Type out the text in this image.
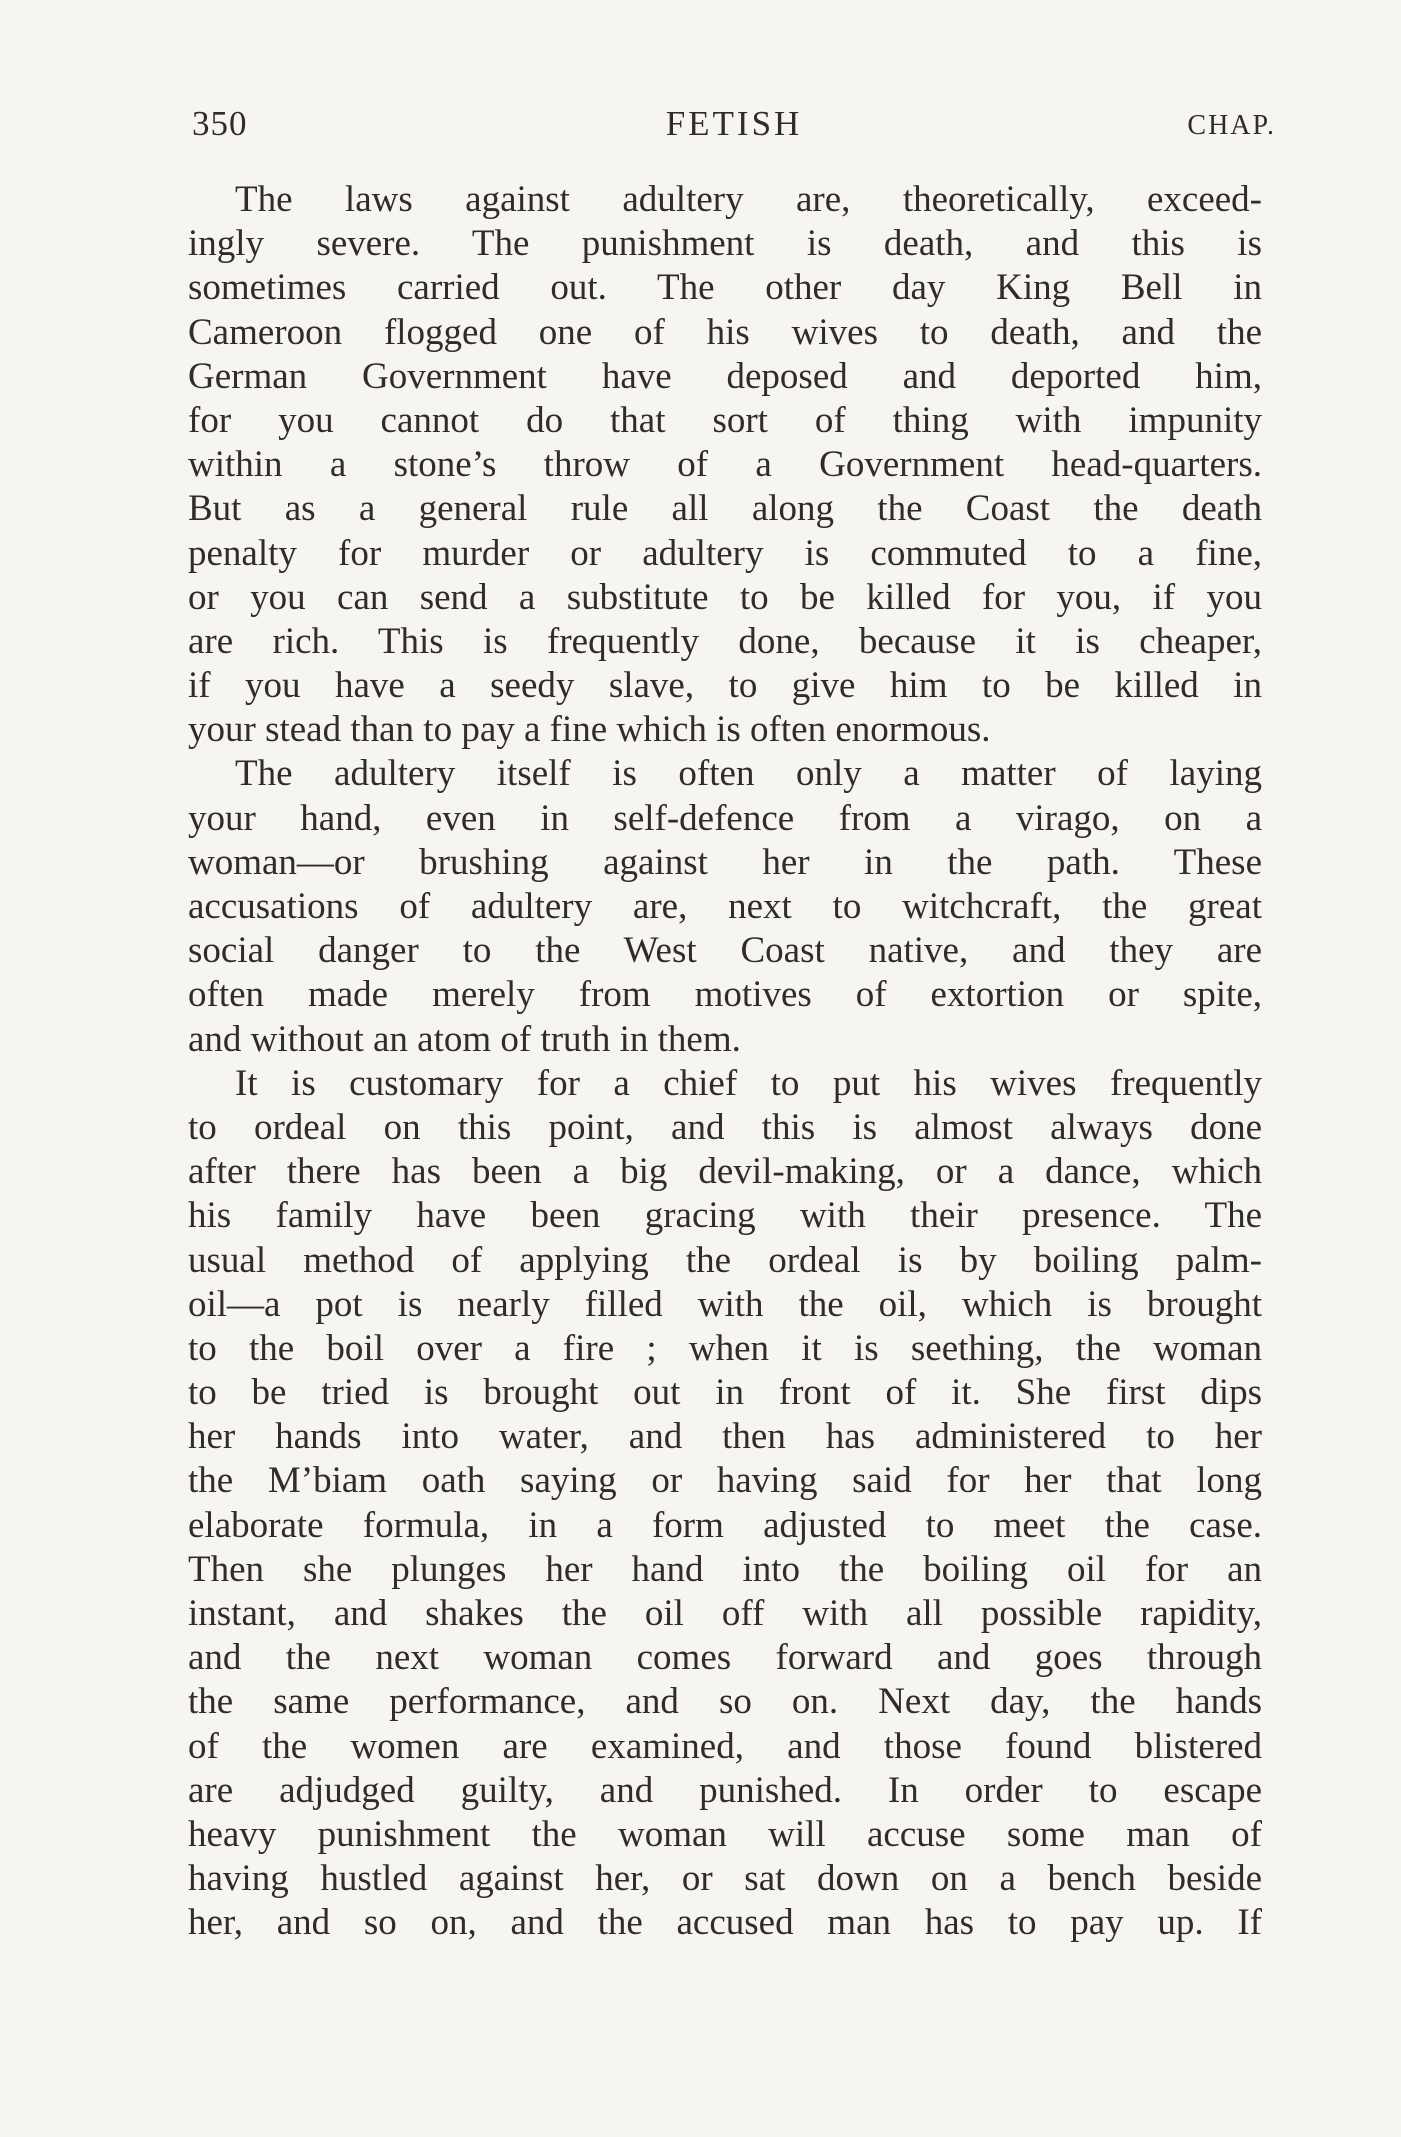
350	FETISH	CHAP.
The laws against adultery are, theoretically, exceed-
ingly severe. The punishment is death, and this is
sometimes carried out. The other day King Bell in
Cameroon flogged one of his wives to death, and the
German Government have deposed and deported him,
for you cannot do that sort of thing with impunity
within a stone’s throw of a Government head-quarters.
But as a general rule all along the Coast the death
penalty for murder or adultery is commuted to a fine,
or you can send a substitute to be killed for you, if you
are rich. This is frequently done, because it is cheaper,
if you have a seedy slave, to give him to be killed in
your stead than to pay a fine which is often enormous.
The adultery itself is often only a matter of laying
your hand, even in self-defence from a virago, on a
woman—or brushing against her in the path. These
accusations of adultery are, next to witchcraft, the great
social danger to the West Coast native, and they are
often made merely from motives of extortion or spite,
and without an atom of truth in them.
It is customary for a chief to put his wives frequently
to ordeal on this point, and this is almost always done
after there has been a big devil-making, or a dance, which
his family have been gracing with their presence. The
usual method of applying the ordeal is by boiling palm-
oil—a pot is nearly filled with the oil, which is brought
to the boil over a fire ; when it is seething, the woman
to be tried is brought out in front of it. She first dips
her hands into water, and then has administered to her
the M’biam oath saying or having said for her that long
elaborate formula, in a form adjusted to meet the case.
Then she plunges her hand into the boiling oil for an
instant, and shakes the oil off with all possible rapidity,
and the next woman comes forward and goes through
the same performance, and so on. Next day, the hands
of the women are examined, and those found blistered
are adjudged guilty, and punished. In order to escape
heavy punishment the woman will accuse some man of
having hustled against her, or sat down on a bench beside
her, and so on, and the accused man has to pay up. If
